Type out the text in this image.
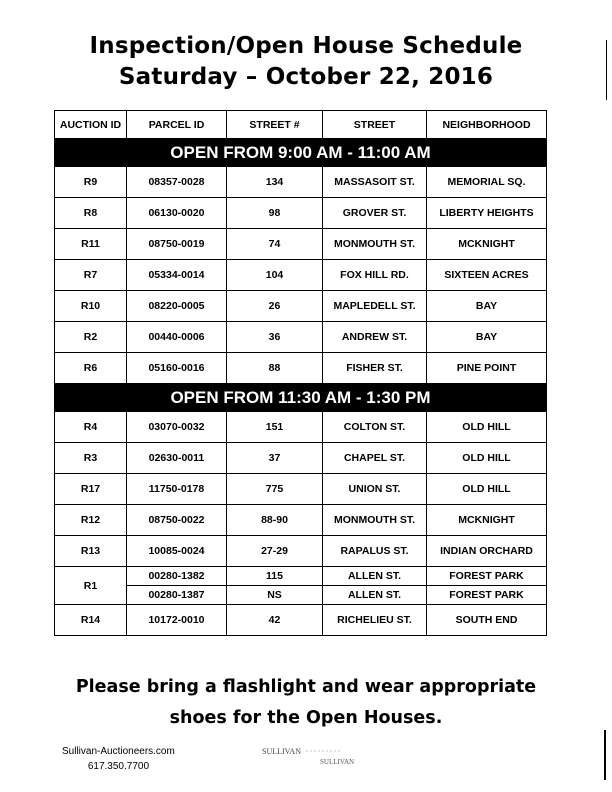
Inspection/Open House Schedule
Saturday – October 22, 2016
AUCTION ID	PARCEL ID	STREET #	STREET	NEIGHBORHOOD
OPEN FROM 9:00 AM - 11:00 AM				
R9	08357-0028	134	MASSASOIT ST.	MEMORIAL SQ.
R8	06130-0020	98	GROVER ST.	LIBERTY HEIGHTS
R11	08750-0019	74	MONMOUTH ST.	MCKNIGHT
R7	05334-0014	104	FOX HILL RD.	SIXTEEN ACRES
R10	08220-0005	26	MAPLEDELL ST.	BAY
R2	00440-0006	36	ANDREW ST.	BAY
R6	05160-0016	88	FISHER ST.	PINE POINT
OPEN FROM 11:30 AM - 1:30 PM				
R4	03070-0032	151	COLTON ST.	OLD HILL
R3	02630-0011	37	CHAPEL ST.	OLD HILL
R17	11750-0178	775	UNION ST.	OLD HILL
R12	08750-0022	88-90	MONMOUTH ST.	MCKNIGHT
R13	10085-0024	27-29	RAPALUS ST.	INDIAN ORCHARD
R1	00280-1382	115	ALLEN ST.	FOREST PARK
	00280-1387	NS	ALLEN ST.	FOREST PARK
R14	10172-0010	42	RICHELIEU ST.	SOUTH END
Please bring a flashlight and wear appropriate
shoes for the Open Houses.
Sullivan-Auctioneers.com
617.350.7700
SULLIVAN
SULLIVAN
